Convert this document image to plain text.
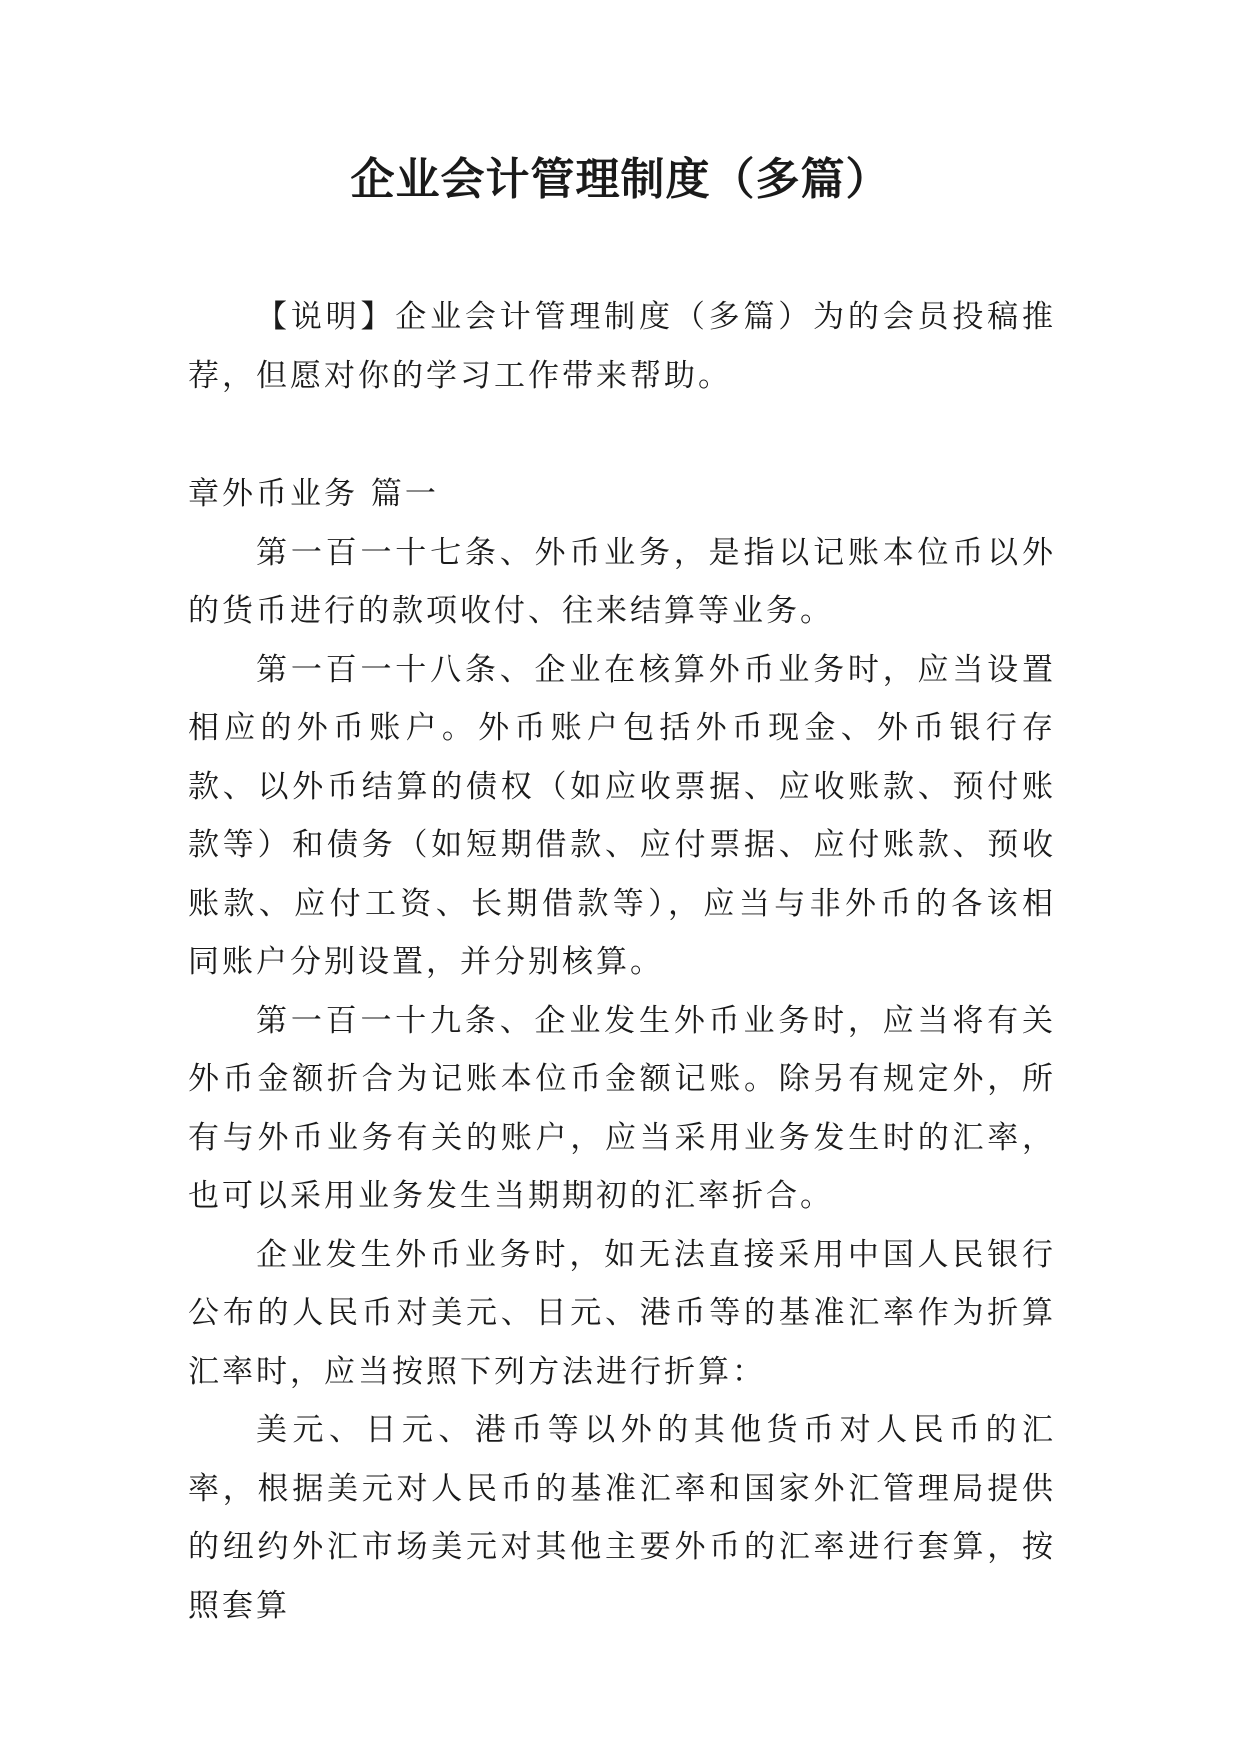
企业会计管理制度（多篇）

【说明】企业会计管理制度（多篇）为的会员投稿推荐，但愿对你的学习工作带来帮助。

章外币业务 篇一

第一百一十七条、外币业务，是指以记账本位币以外的货币进行的款项收付、往来结算等业务。

第一百一十八条、企业在核算外币业务时，应当设置相应的外币账户。外币账户包括外币现金、外币银行存款、以外币结算的债权（如应收票据、应收账款、预付账款等）和债务（如短期借款、应付票据、应付账款、预收账款、应付工资、长期借款等），应当与非外币的各该相同账户分别设置，并分别核算。

第一百一十九条、企业发生外币业务时，应当将有关外币金额折合为记账本位币金额记账。除另有规定外，所有与外币业务有关的账户，应当采用业务发生时的汇率，也可以采用业务发生当期期初的汇率折合。

企业发生外币业务时，如无法直接采用中国人民银行公布的人民币对美元、日元、港币等的基准汇率作为折算汇率时，应当按照下列方法进行折算：

美元、日元、港币等以外的其他货币对人民币的汇率，根据美元对人民币的基准汇率和国家外汇管理局提供的纽约外汇市场美元对其他主要外币的汇率进行套算，按照套算
